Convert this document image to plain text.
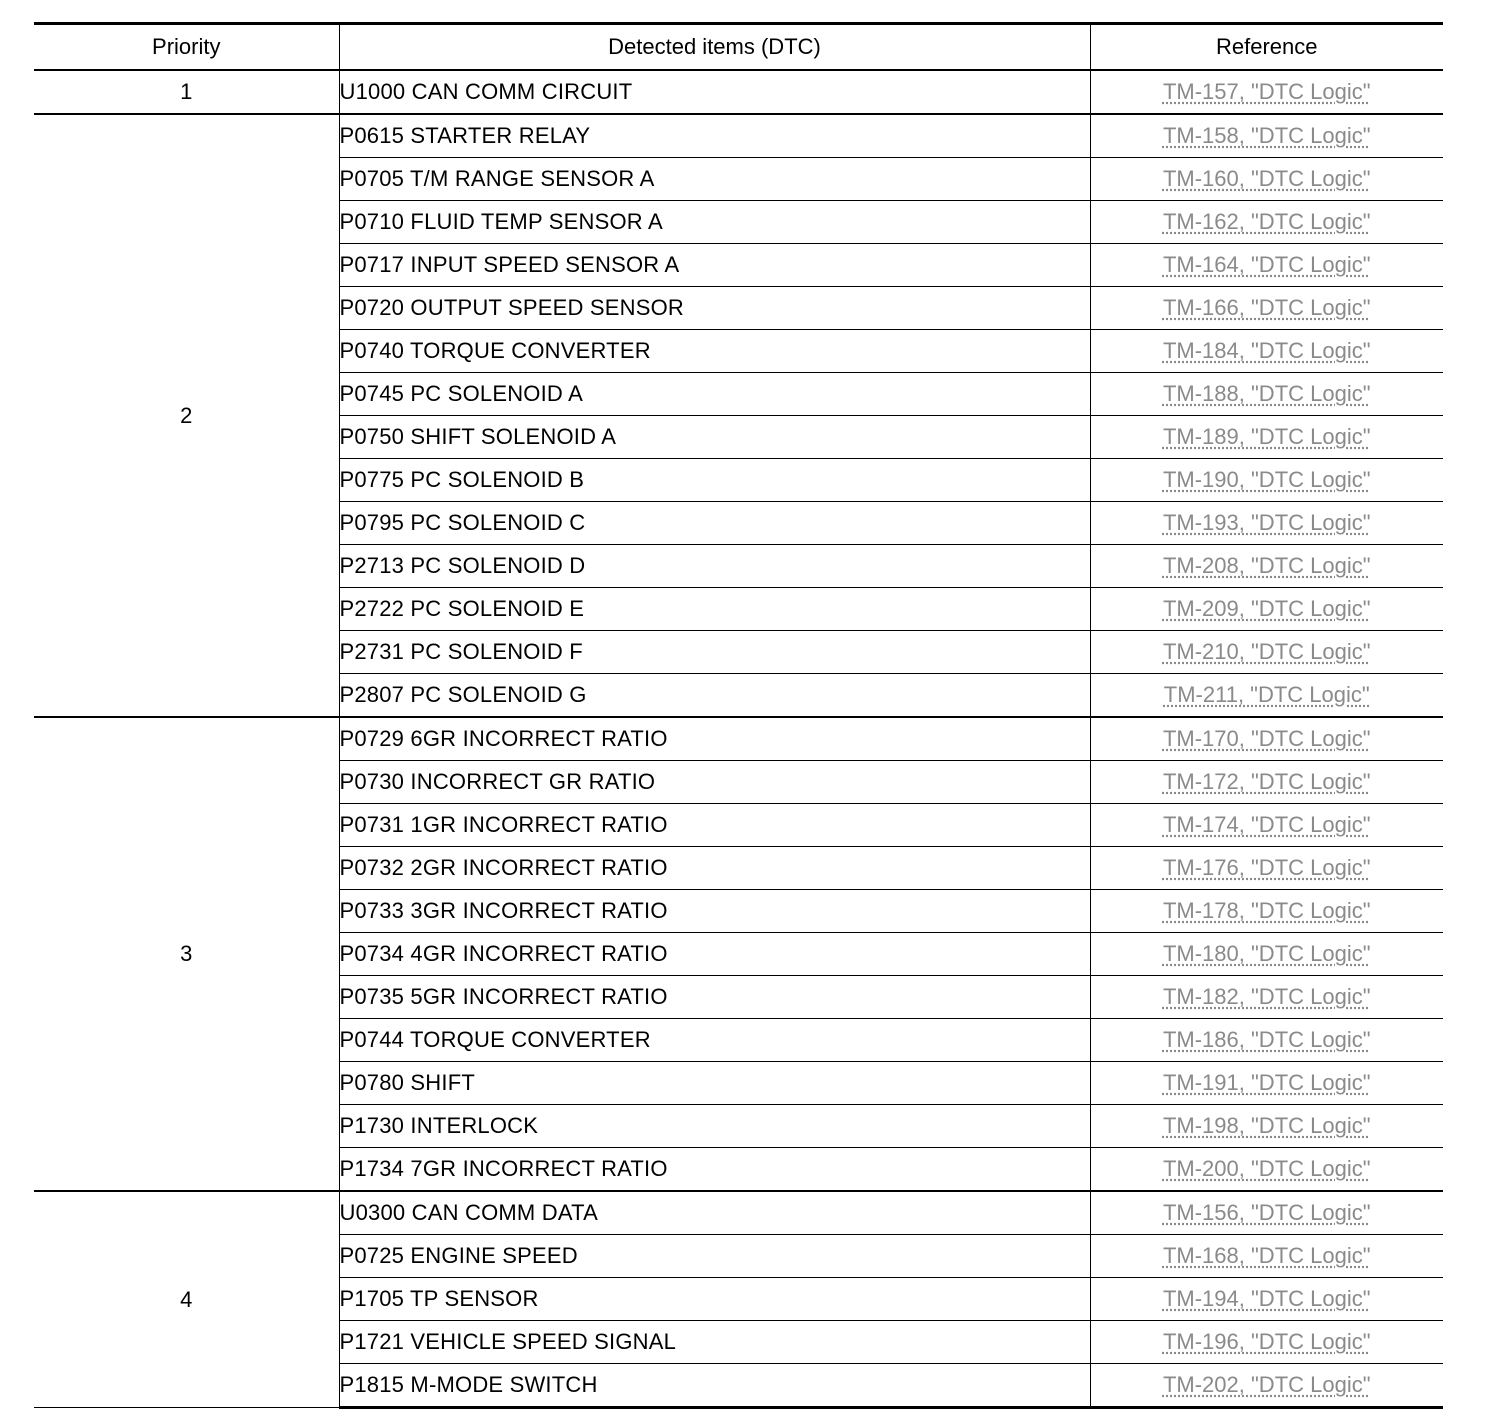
Priority	Detected items (DTC)	Reference
1	U1000 CAN COMM CIRCUIT	TM-157, "DTC Logic"
2	P0615 STARTER RELAY	TM-158, "DTC Logic"
	P0705 T/M RANGE SENSOR A	TM-160, "DTC Logic"
	P0710 FLUID TEMP SENSOR A	TM-162, "DTC Logic"
	P0717 INPUT SPEED SENSOR A	TM-164, "DTC Logic"
	P0720 OUTPUT SPEED SENSOR	TM-166, "DTC Logic"
	P0740 TORQUE CONVERTER	TM-184, "DTC Logic"
	P0745 PC SOLENOID A	TM-188, "DTC Logic"
	P0750 SHIFT SOLENOID A	TM-189, "DTC Logic"
	P0775 PC SOLENOID B	TM-190, "DTC Logic"
	P0795 PC SOLENOID C	TM-193, "DTC Logic"
	P2713 PC SOLENOID D	TM-208, "DTC Logic"
	P2722 PC SOLENOID E	TM-209, "DTC Logic"
	P2731 PC SOLENOID F	TM-210, "DTC Logic"
	P2807 PC SOLENOID G	TM-211, "DTC Logic"
3	P0729 6GR INCORRECT RATIO	TM-170, "DTC Logic"
	P0730 INCORRECT GR RATIO	TM-172, "DTC Logic"
	P0731 1GR INCORRECT RATIO	TM-174, "DTC Logic"
	P0732 2GR INCORRECT RATIO	TM-176, "DTC Logic"
	P0733 3GR INCORRECT RATIO	TM-178, "DTC Logic"
	P0734 4GR INCORRECT RATIO	TM-180, "DTC Logic"
	P0735 5GR INCORRECT RATIO	TM-182, "DTC Logic"
	P0744 TORQUE CONVERTER	TM-186, "DTC Logic"
	P0780 SHIFT	TM-191, "DTC Logic"
	P1730 INTERLOCK	TM-198, "DTC Logic"
	P1734 7GR INCORRECT RATIO	TM-200, "DTC Logic"
4	U0300 CAN COMM DATA	TM-156, "DTC Logic"
	P0725 ENGINE SPEED	TM-168, "DTC Logic"
	P1705 TP SENSOR	TM-194, "DTC Logic"
	P1721 VEHICLE SPEED SIGNAL	TM-196, "DTC Logic"
	P1815 M-MODE SWITCH	TM-202, "DTC Logic"
